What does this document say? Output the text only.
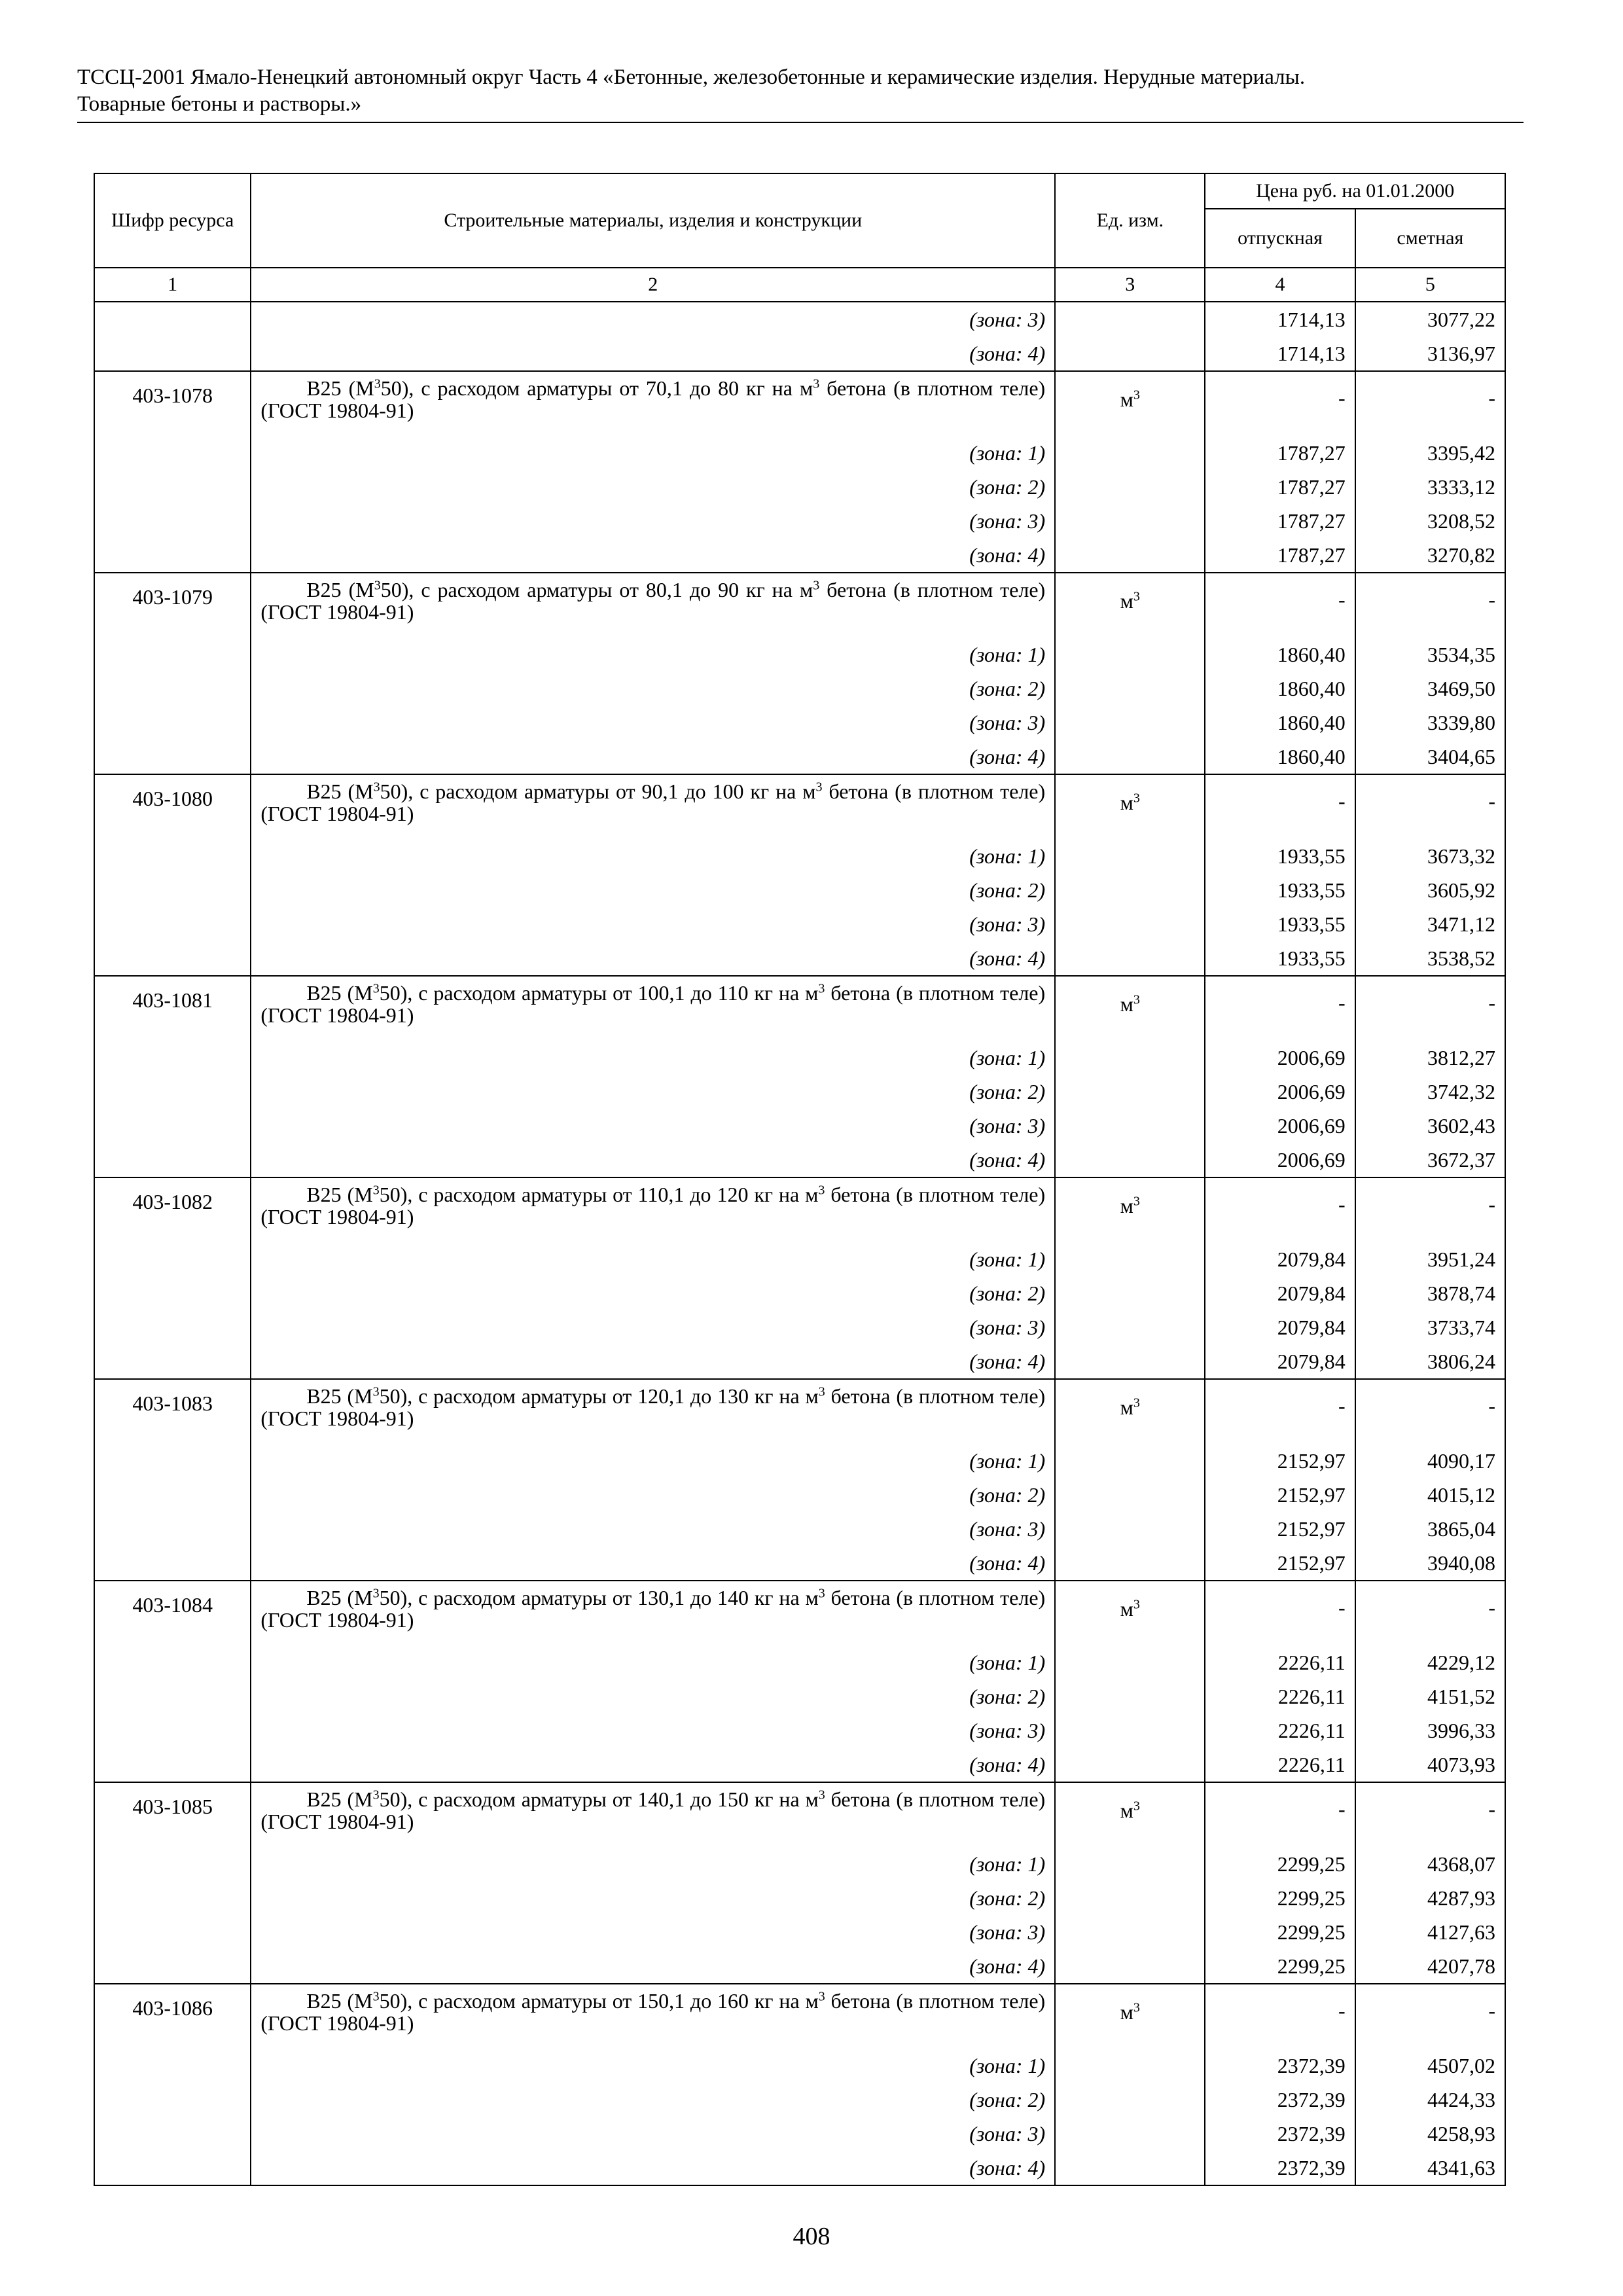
ТССЦ-2001 Ямало-Ненецкий автономный округ Часть 4 «Бетонные, железобетонные и керамические изделия. Нерудные материалы.
Товарные бетоны и растворы.»
Шифр ресурса	Строительные материалы, изделия и конструкции	Ед. изм.	Цена руб. на 01.01.2000	
			отпускная	сметная
1	2	3	4	5
	(зона: 3)		1714,13	3077,22
	(зона: 4)		1714,13	3136,97
403-1078	В25 $(М^350)$, с расходом арматуры от 70,1 до 80 кг на $м^3$ бетона (в плотном теле) (ГОСТ 19804-91)	$м^3$	-	-
	(зона: 1)		1787,27	3395,42
	(зона: 2)		1787,27	3333,12
	(зона: 3)		1787,27	3208,52
	(зона: 4)		1787,27	3270,82
403-1079	В25 $(М^350)$, с расходом арматуры от 80,1 до 90 кг на $м^3$ бетона (в плотном теле) (ГОСТ 19804-91)	$м^3$	-	-
	(зона: 1)		1860,40	3534,35
	(зона: 2)		1860,40	3469,50
	(зона: 3)		1860,40	3339,80
	(зона: 4)		1860,40	3404,65
403-1080	В25 $(М^350)$, с расходом арматуры от 90,1 до 100 кг на $м^3$ бетона (в плотном теле) (ГОСТ 19804-91)	$м^3$	-	-
	(зона: 1)		1933,55	3673,32
	(зона: 2)		1933,55	3605,92
	(зона: 3)		1933,55	3471,12
	(зона: 4)		1933,55	3538,52
403-1081	В25 $(М^350)$, с расходом арматуры от 100,1 до 110 кг на $м^3$ бетона (в плотном теле) (ГОСТ 19804-91)	$м^3$	-	-
	(зона: 1)		2006,69	3812,27
	(зона: 2)		2006,69	3742,32
	(зона: 3)		2006,69	3602,43
	(зона: 4)		2006,69	3672,37
403-1082	В25 $(М^350)$, с расходом арматуры от 110,1 до 120 кг на $м^3$ бетона (в плотном теле) (ГОСТ 19804-91)	$м^3$	-	-
	(зона: 1)		2079,84	3951,24
	(зона: 2)		2079,84	3878,74
	(зона: 3)		2079,84	3733,74
	(зона: 4)		2079,84	3806,24
403-1083	В25 $(М^350)$, с расходом арматуры от 120,1 до 130 кг на $м^3$ бетона (в плотном теле) (ГОСТ 19804-91)	$м^3$	-	-
	(зона: 1)		2152,97	4090,17
	(зона: 2)		2152,97	4015,12
	(зона: 3)		2152,97	3865,04
	(зона: 4)		2152,97	3940,08
403-1084	В25 $(М^350)$, с расходом арматуры от 130,1 до 140 кг на $м^3$ бетона (в плотном теле) (ГОСТ 19804-91)	$м^3$	-	-
	(зона: 1)		2226,11	4229,12
	(зона: 2)		2226,11	4151,52
	(зона: 3)		2226,11	3996,33
	(зона: 4)		2226,11	4073,93
403-1085	В25 $(М^350)$, с расходом арматуры от 140,1 до 150 кг на $м^3$ бетона (в плотном теле) (ГОСТ 19804-91)	$м^3$	-	-
	(зона: 1)		2299,25	4368,07
	(зона: 2)		2299,25	4287,93
	(зона: 3)		2299,25	4127,63
	(зона: 4)		2299,25	4207,78
403-1086	В25 $(М^350)$, с расходом арматуры от 150,1 до 160 кг на $м^3$ бетона (в плотном теле) (ГОСТ 19804-91)	$м^3$	-	-
	(зона: 1)		2372,39	4507,02
	(зона: 2)		2372,39	4424,33
	(зона: 3)		2372,39	4258,93
	(зона: 4)		2372,39	4341,63
408
